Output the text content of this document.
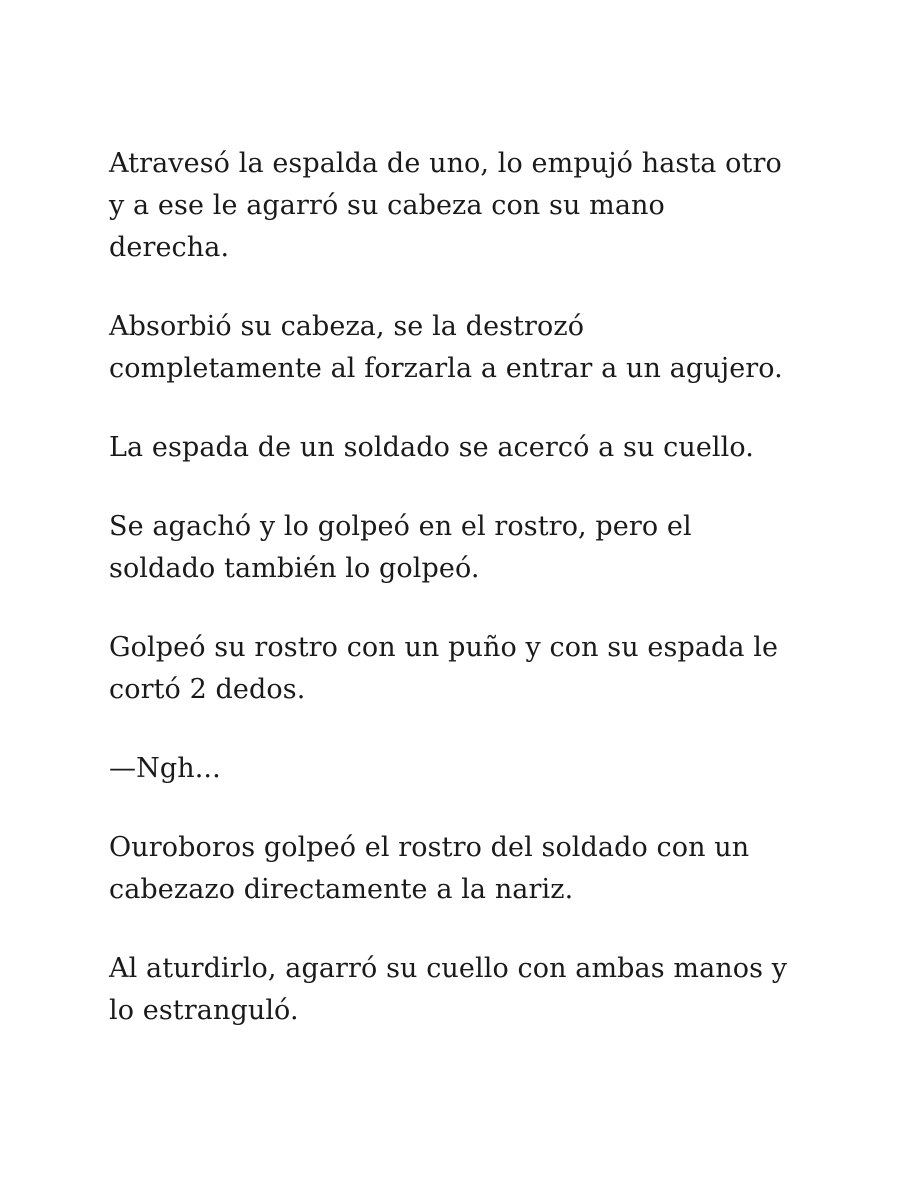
Atravesó la espalda de uno, lo empujó hasta otro
y a ese le agarró su cabeza con su mano
derecha.

Absorbió su cabeza, se la destrozó
completamente al forzarla a entrar a un agujero.

La espada de un soldado se acercó a su cuello.

Se agachó y lo golpeó en el rostro, pero el
soldado también lo golpeó.

Golpeó su rostro con un puño y con su espada le
cortó 2 dedos.

—Ngh...

Ouroboros golpeó el rostro del soldado con un
cabezazo directamente a la nariz.

Al aturdirlo, agarró su cuello con ambas manos y
lo estranguló.
